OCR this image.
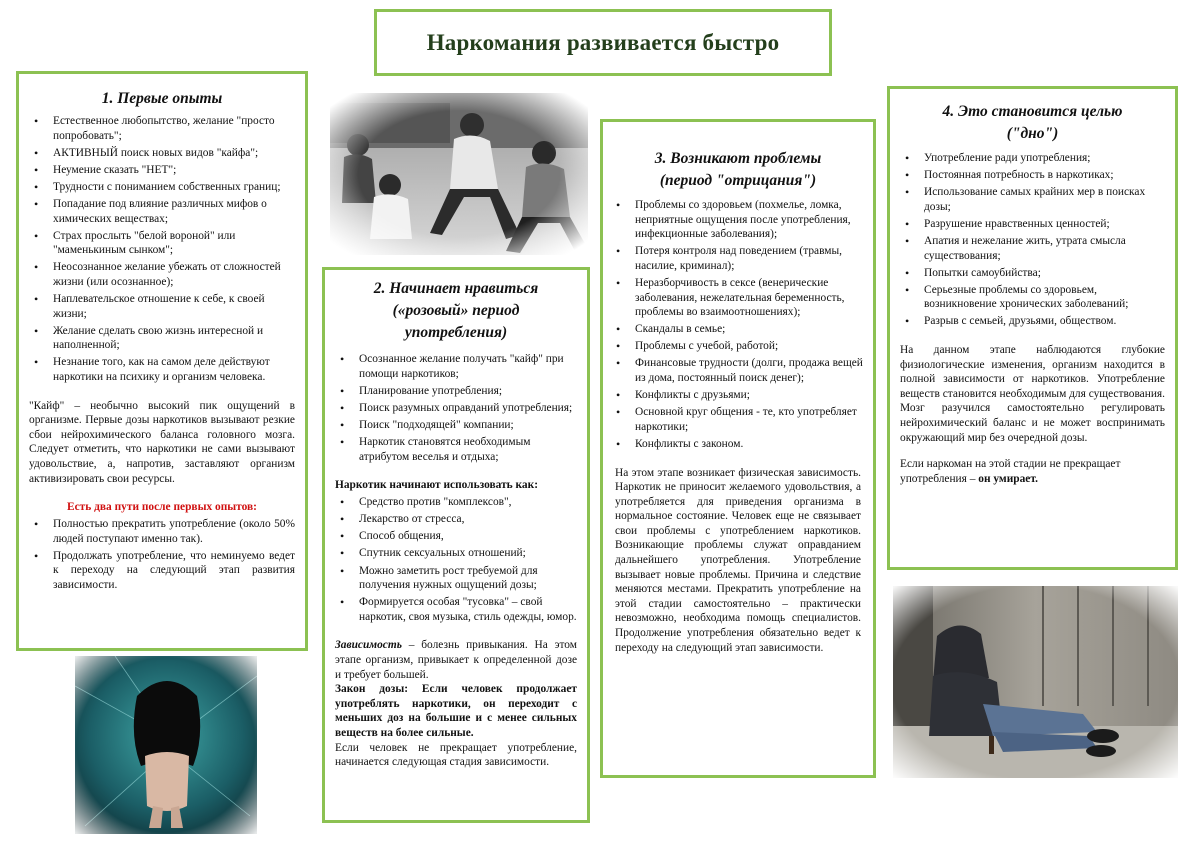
Наркомания развивается быстро
1. Первые опыты
• Естественное любопытство, желание "просто попробовать";
• АКТИВНЫЙ поиск новых видов "кайфа";
• Неумение сказать "НЕТ";
• Трудности с пониманием собственных границ;
• Попадание под влияние различных мифов о химических веществах;
• Страх прослыть "белой вороной" или "маменькиным сынком";
• Неосознанное желание убежать от сложностей жизни (или осознанное);
• Наплевательское отношение к себе, к своей жизни;
• Желание сделать свою жизнь интересной и наполненной;
• Незнание того, как на самом деле действуют наркотики на психику и организм человека.

"Кайф" – необычно высокий пик ощущений в организме. Первые дозы наркотиков вызывают резкие сбои нейрохимического баланса головного мозга. Следует отметить, что наркотики не сами вызывают удовольствие, а, напротив, заставляют организм активизировать свои ресурсы.

Есть два пути после первых опытов:
• Полностью прекратить употребление (около 50% людей поступают именно так).
• Продолжать употребление, что неминуемо ведет к переходу на следующий этап развития зависимости.
2. Начинает нравиться
(«розовый» период
употребления)
• Осознанное желание получать "кайф" при помощи наркотиков;
• Планирование употребления;
• Поиск разумных оправданий употребления;
• Поиск "подходящей" компании;
• Наркотик становятся необходимым атрибутом веселья и отдыха;
Наркотик начинают использовать как:
• Средство против "комплексов",
• Лекарство от стресса,
• Способ общения,
• Спутник сексуальных отношений;
• Можно заметить рост требуемой для получения нужных ощущений дозы;
• Формируется особая "тусовка" – свой наркотик, своя музыка, стиль одежды, юмор.

Зависимость – болезнь привыкания. На этом этапе организм, привыкает к определенной дозе и требует большей.

Закон дозы: Если человек продолжает употреблять наркотики, он переходит с меньших доз на большие и с менее сильных веществ на более сильные.

Если человек не прекращает употребление, начинается следующая стадия зависимости.

3. Возникают проблемы
(период "отрицания")
• Проблемы со здоровьем (похмелье, ломка, неприятные ощущения после употребления, инфекционные заболевания);
• Потеря контроля над поведением (травмы, насилие, криминал);
• Неразборчивость в сексе (венерические заболевания, нежелательная беременность, проблемы во взаимоотношениях);
• Скандалы в семье;
• Проблемы с учебой, работой;
• Финансовые трудности (долги, продажа вещей из дома, постоянный поиск денег);
• Конфликты с друзьями;
• Основной круг общения - те, кто употребляет наркотики;
• Конфликты с законом.

На этом этапе возникает физическая зависимость. Наркотик не приносит желаемого удовольствия, а употребляется для приведения организма в нормальное состояние. Человек еще не связывает свои проблемы с употреблением наркотиков. Возникающие проблемы служат оправданием дальнейшего употребления. Употребление вызывает новые проблемы. Причина и следствие меняются местами. Прекратить употребление на этой стадии самостоятельно – практически невозможно, необходима помощь специалистов. Продолжение употребления обязательно ведет к переходу на следующий этап зависимости.

4. Это становится целью
("дно")
• Употребление ради употребления;
• Постоянная потребность в наркотиках;
• Использование самых крайних мер в поисках дозы;
• Разрушение нравственных ценностей;
• Апатия и нежелание жить, утрата смысла существования;
• Попытки самоубийства;
• Серьезные проблемы со здоровьем, возникновение хронических заболеваний;
• Разрыв с семьей, друзьями, обществом.

На данном этапе наблюдаются глубокие физиологические изменения, организм находится в полной зависимости от наркотиков. Употребление веществ становится необходимым для существования. Мозг разучился самостоятельно регулировать нейрохимический баланс и не может воспринимать окружающий мир без очередной дозы.

Если наркоман на этой стадии не прекращает употребления – он умирает.
